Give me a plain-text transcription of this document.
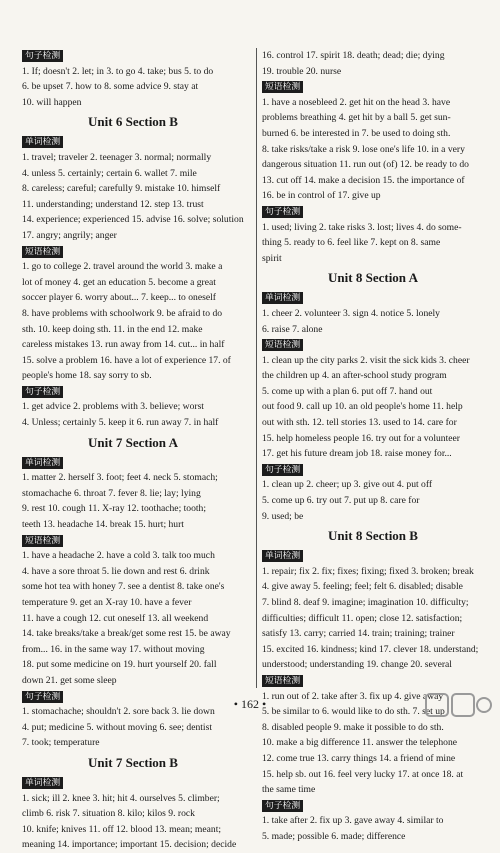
句子检测
1. If; doesn't 2. let; in 3. to go 4. take; bus 5. to do
6. be upset 7. how to 8. some advice 9. stay at
10. will happen
Unit 6 Section B
单词检测
1. travel; traveler 2. teenager 3. normal; normally
4. unless 5. certainly; certain 6. wallet 7. mile
8. careless; careful; carefully 9. mistake 10. himself
11. understanding; understand 12. step 13. trust
14. experience; experienced 15. advise 16. solve; solution
17. angry; angrily; anger
短语检测
1. go to college 2. travel around the world 3. make a
lot of money 4. get an education 5. become a great
soccer player 6. worry about... 7. keep... to oneself
8. have problems with schoolwork 9. be afraid to do
sth. 10. keep doing sth. 11. in the end 12. make
careless mistakes 13. run away from 14. cut... in half
15. solve a problem 16. have a lot of experience 17. of
people's home 18. say sorry to sb.
句子检测
1. get advice 2. problems with 3. believe; worst
4. Unless; certainly 5. keep it 6. run away 7. in half
Unit 7 Section A
单词检测
1. matter 2. herself 3. foot; feet 4. neck 5. stomach;
stomachache 6. throat 7. fever 8. lie; lay; lying
9. rest 10. cough 11. X-ray 12. toothache; tooth;
teeth 13. headache 14. break 15. hurt; hurt
短语检测
1. have a headache 2. have a cold 3. talk too much
4. have a sore throat 5. lie down and rest 6. drink
some hot tea with honey 7. see a dentist 8. take one's
temperature 9. get an X-ray 10. have a fever
11. have a cough 12. cut oneself 13. all weekend
14. take breaks/take a break/get some rest 15. be away
from... 16. in the same way 17. without moving
18. put some medicine on 19. hurt yourself 20. fall
down 21. get some sleep
句子检测
1. stomachache; shouldn't 2. sore back 3. lie down
4. put; medicine 5. without moving 6. see; dentist
7. took; temperature
Unit 7 Section B
单词检测
1. sick; ill 2. knee 3. hit; hit 4. ourselves 5. climber;
climb 6. risk 7. situation 8. kilo; kilos 9. rock
10. knife; knives 11. off 12. blood 13. mean; meant;
meaning 14. importance; important 15. decision; decide
16. control 17. spirit 18. death; dead; die; dying
19. trouble 20. nurse
短语检测
1. have a nosebleed 2. get hit on the head 3. have
problems breathing 4. get hit by a ball 5. get sun-
burned 6. be interested in 7. be used to doing sth.
8. take risks/take a risk 9. lose one's life 10. in a very
dangerous situation 11. run out (of) 12. be ready to do
13. cut off 14. make a decision 15. the importance of
16. be in control of 17. give up
句子检测
1. used; living 2. take risks 3. lost; lives 4. do some-
thing 5. ready to 6. feel like 7. kept on 8. same
spirit
Unit 8 Section A
单词检测
1. cheer 2. volunteer 3. sign 4. notice 5. lonely
6. raise 7. alone
短语检测
1. clean up the city parks 2. visit the sick kids 3. cheer
the children up 4. an after-school study program
5. come up with a plan 6. put off 7. hand out
out food 9. call up 10. an old people's home 11. help
out with sth. 12. tell stories 13. used to 14. care for
15. help homeless people 16. try out for a volunteer
17. get his future dream job 18. raise money for...
句子检测
1. clean up 2. cheer; up 3. give out 4. put off
5. come up 6. try out 7. put up 8. care for
9. used; be
Unit 8 Section B
单词检测
1. repair; fix 2. fix; fixes; fixing; fixed 3. broken; break
4. give away 5. feeling; feel; felt 6. disabled; disable
7. blind 8. deaf 9. imagine; imagination 10. difficulty;
difficulties; difficult 11. open; close 12. satisfaction;
satisfy 13. carry; carried 14. train; training; trainer
15. excited 16. kindness; kind 17. clever 18. understand;
understood; understanding 19. change 20. several
短语检测
1. run out of 2. take after 3. fix up 4. give away
5. be similar to 6. would like to do sth. 7. set up
8. disabled people 9. make it possible to do sth.
10. make a big difference 11. answer the telephone
12. come true 13. carry things 14. a friend of mine
15. help sb. out 16. feel very lucky 17. at once 18. at
the same time
句子检测
1. take after 2. fix up 3. gave away 4. similar to
5. made; possible 6. made; difference
• 162 •
